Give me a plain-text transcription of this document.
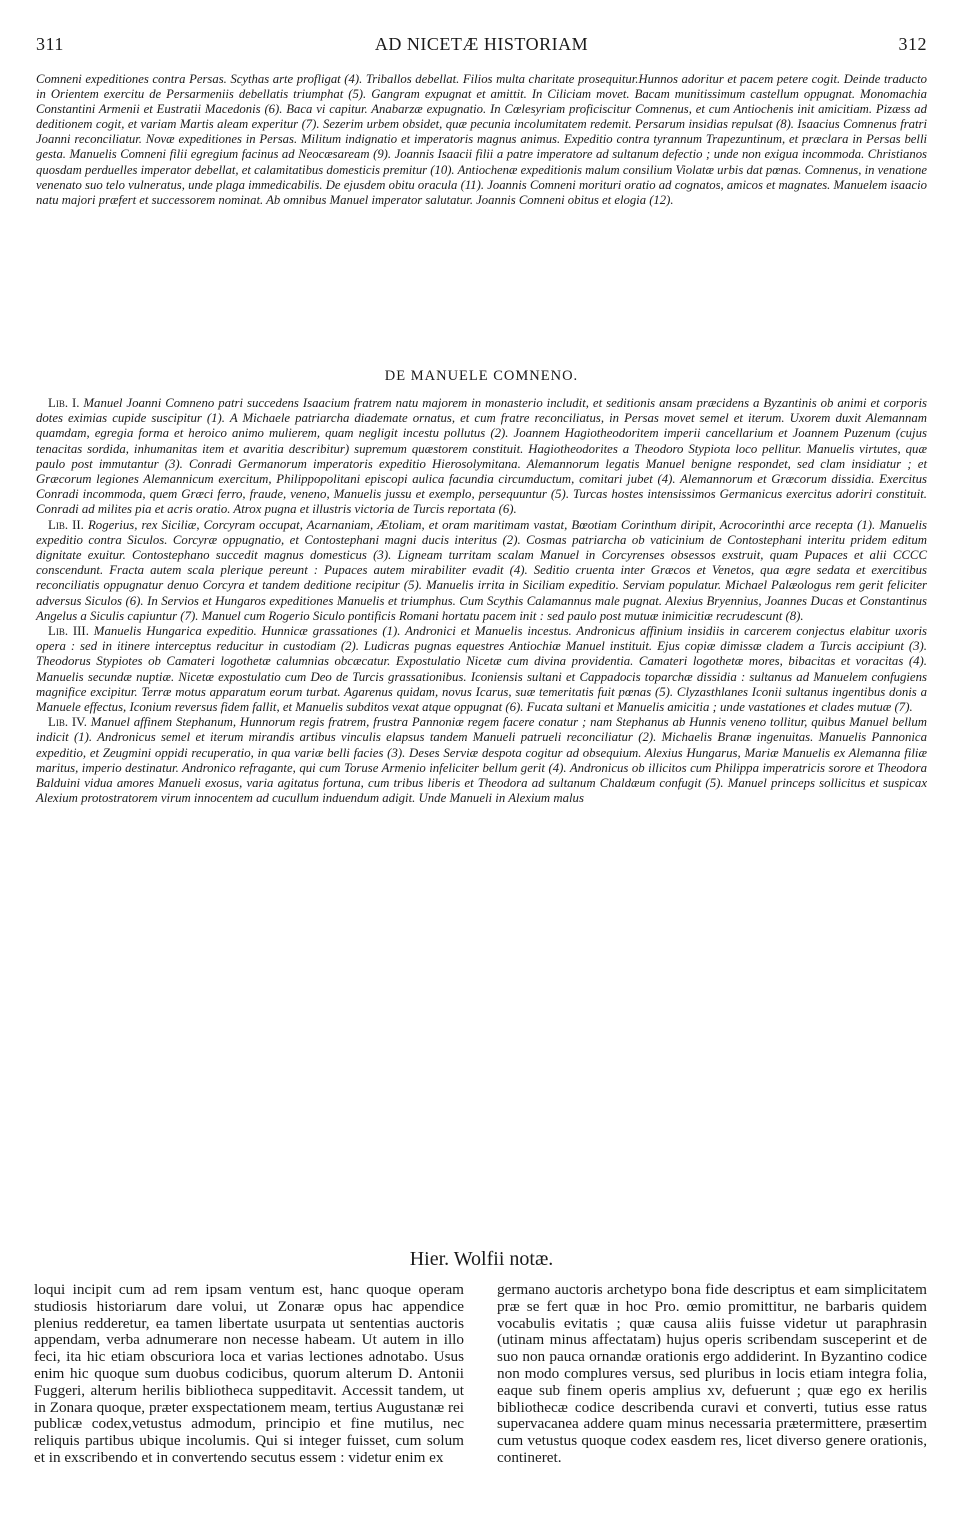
311	AD NICETÆ HISTORIAM	312

Comneni expeditiones contra Persas. Scythas arte profligat (4). Triballos debellat. Filios multa charitate prosequitur.Hunnos adoritur et pacem petere cogit. Deinde traducto in Orientem exercitu de Persarmeniis debellatis triumphat (5). Gangram expugnat et amittit. In Ciliciam movet. Bacam munitissimum castellum oppugnat. Monomachia Constantini Armenii et Eustratii Macedonis (6). Baca vi capitur. Anabarzæ expugnatio. In Cœlesyriam proficiscitur Comnenus, et cum Antiochenis init amicitiam. Pizæss ad deditionem cogit, et variam Martis aleam experitur (7). Sezerim urbem obsidet, quæ pecunia incolumitatem redemit. Persarum insidias repulsat (8). Isaacius Comnenus fratri Joanni reconciliatur. Novæ expeditiones in Persas. Militum indignatio et imperatoris magnus animus. Expeditio contra tyrannum Trapezuntinum, et præclara in Persas belli gesta. Manuelis Comneni filii egregium facinus ad Neocæsaream (9). Joannis Isaacii filii a patre imperatore ad sultanum defectio ; unde non exigua incommoda. Christianos quosdam perduelles imperator debellat, et calamitatibus domesticis premitur (10). Antiochenæ expeditionis malum consilium Violatæ urbis dat pœnas. Comnenus, in venatione venenato suo telo vulneratus, unde plaga immedicabilis. De ejusdem obitu oracula (11). Joannis Comneni morituri oratio ad cognatos, amicos et magnates. Manuelem isaacio natu majori præfert et successorem nominat. Ab omnibus Manuel imperator salutatur. Joannis Comneni obitus et elogia (12).

DE MANUELE COMNENO.

Lib. I. Manuel Joanni Comneno patri succedens Isaacium fratrem natu majorem in monasterio includit, et seditionis ansam præcidens a Byzantinis ob animi et corporis dotes eximias cupide suscipitur (1). A Michaele patriarcha diademate ornatus, et cum fratre reconciliatus, in Persas movet semel et iterum. Uxorem duxit Alemannam quamdam, egregia forma et heroico animo mulierem, quam negligit incestu pollutus (2). Joannem Hagiotheodoritem imperii cancellarium et Joannem Puzenum (cujus tenacitas sordida, inhumanitas item et avaritia describitur) supremum quæstorem constituit. Hagiotheodorites a Theodoro Stypiota loco pellitur. Manuelis virtutes, quæ paulo post immutantur (3). Conradi Germanorum imperatoris expeditio Hierosolymitana. Alemannorum legatis Manuel benigne respondet, sed clam insidiatur ; et Græcorum legiones Alemannicum exercitum, Philippopolitani episcopi aulica facundia circumductum, comitari jubet (4). Alemannorum et Græcorum dissidia. Exercitus Conradi incommoda, quem Græci ferro, fraude, veneno, Manuelis jussu et exemplo, persequuntur (5). Turcas hostes intensissimos Germanicus exercitus adoriri constituit. Conradi ad milites pia et acris oratio. Atrox pugna et illustris victoria de Turcis reportata (6).

Lib. II. Rogerius, rex Siciliæ, Corcyram occupat, Acarnaniam, Ætoliam, et oram maritimam vastat, Bœotiam Corinthum diripit, Acrocorinthi arce recepta (1). Manuelis expeditio contra Siculos. Corcyræ oppugnatio, et Contostephani magni ducis interitus (2). Cosmas patriarcha ob vaticinium de Contostephani interitu pridem editum dignitate exuitur. Contostephano succedit magnus domesticus (3). Ligneam turritam scalam Manuel in Corcyrenses obsessos exstruit, quam Pupaces et alii CCCC conscendunt. Fracta autem scala plerique pereunt : Pupaces autem mirabiliter evadit (4). Seditio cruenta inter Græcos et Venetos, qua ægre sedata et exercitibus reconciliatis oppugnatur denuo Corcyra et tandem deditione recipitur (5). Manuelis irrita in Siciliam expeditio. Serviam populatur. Michael Palæologus rem gerit feliciter adversus Siculos (6). In Servios et Hungaros expeditiones Manuelis et triumphus. Cum Scythis Calamannus male pugnat. Alexius Bryennius, Joannes Ducas et Constantinus Angelus a Siculis capiuntur (7). Manuel cum Rogerio Siculo pontificis Romani hortatu pacem init : sed paulo post mutuæ inimicitiæ recrudescunt (8).

Lib. III. Manuelis Hungarica expeditio. Hunnicæ grassationes (1). Andronici et Manuelis incestus. Andronicus affinium insidiis in carcerem conjectus elabitur uxoris opera : sed in itinere interceptus reducitur in custodiam (2). Ludicras pugnas equestres Antiochiæ Manuel instituit. Ejus copiæ dimissæ cladem a Turcis accipiunt (3). Theodorus Stypiotes ob Camateri logothetæ calumnias obcæcatur. Expostulatio Nicetæ cum divina providentia. Camateri logothetæ mores, bibacitas et voracitas (4). Manuelis secundæ nuptiæ. Nicetæ expostulatio cum Deo de Turcis grassationibus. Iconiensis sultani et Cappadocis toparchæ dissidia : sultanus ad Manuelem confugiens magnifice excipitur. Terræ motus apparatum eorum turbat. Agarenus quidam, novus Icarus, suæ temeritatis fuit pœnas (5). Clyzasthlanes Iconii sultanus ingentibus donis a Manuele effectus, Iconium reversus fidem fallit, et Manuelis subditos vexat atque oppugnat (6). Fucata sultani et Manuelis amicitia ; unde vastationes et clades mutuæ (7).

Lib. IV. Manuel affinem Stephanum, Hunnorum regis fratrem, frustra Pannoniæ regem facere conatur ; nam Stephanus ab Hunnis veneno tollitur, quibus Manuel bellum indicit (1). Andronicus semel et iterum mirandis artibus vinculis elapsus tandem Manueli patrueli reconciliatur (2). Michaelis Branæ ingenuitas. Manuelis Pannonica expeditio, et Zeugmini oppidi recuperatio, in qua variæ belli facies (3). Deses Serviæ despota cogitur ad obsequium. Alexius Hungarus, Mariæ Manuelis ex Alemanna filiæ maritus, imperio destinatur. Andronico refragante, qui cum Toruse Armenio infeliciter bellum gerit (4). Andronicus ob illicitos cum Philippa imperatricis sorore et Theodora Balduini vidua amores Manueli exosus, varia agitatus fortuna, cum tribus liberis et Theodora ad sultanum Chaldæum confugit (5). Manuel princeps sollicitus et suspicax Alexium protostratorem virum innocentem ad cucullum induendum adigit. Unde Manueli in Alexium malus

Hier. Wolfii notæ.

loqui incipit cum ad rem ipsam ventum est, hanc quoque operam studiosis historiarum dare volui, ut Zonaræ opus hac appendice plenius redderetur, ea tamen libertate usurpata ut sententias auctoris appendam, verba adnumerare non necesse habeam. Ut autem in illo feci, ita hic etiam obscuriora loca et varias lectiones adnotabo. Usus enim hic quoque sum duobus codicibus, quorum alterum D. Antonii Fuggeri, alterum herilis bibliotheca suppeditavit. Accessit tandem, ut in Zonara quoque, præter exspectationem meam, tertius Augustanæ rei publicæ codex,vetustus admodum, principio et fine mutilus, nec reliquis partibus ubique incolumis. Qui si integer fuisset, cum solum et in exscribendo et in convertendo secutus essem : videtur enim ex

germano auctoris archetypo bona fide descriptus et eam simplicitatem præ se fert quæ in hoc Pro. œmio promittitur, ne barbaris quidem vocabulis evitatis ; quæ causa aliis fuisse videtur ut paraphrasin (utinam minus affectatam) hujus operis scribendam susceperint et de suo non pauca ornandæ orationis ergo addiderint. In Byzantino codice non modo complures versus, sed pluribus in locis etiam integra folia, eaque sub finem operis amplius xv, defuerunt ; quæ ego ex herilis bibliothecæ codice describenda curavi et converti, tutius esse ratus supervacanea addere quam minus necessaria prætermittere, præsertim cum vetustus quoque codex easdem res, licet diverso genere orationis, contineret.
